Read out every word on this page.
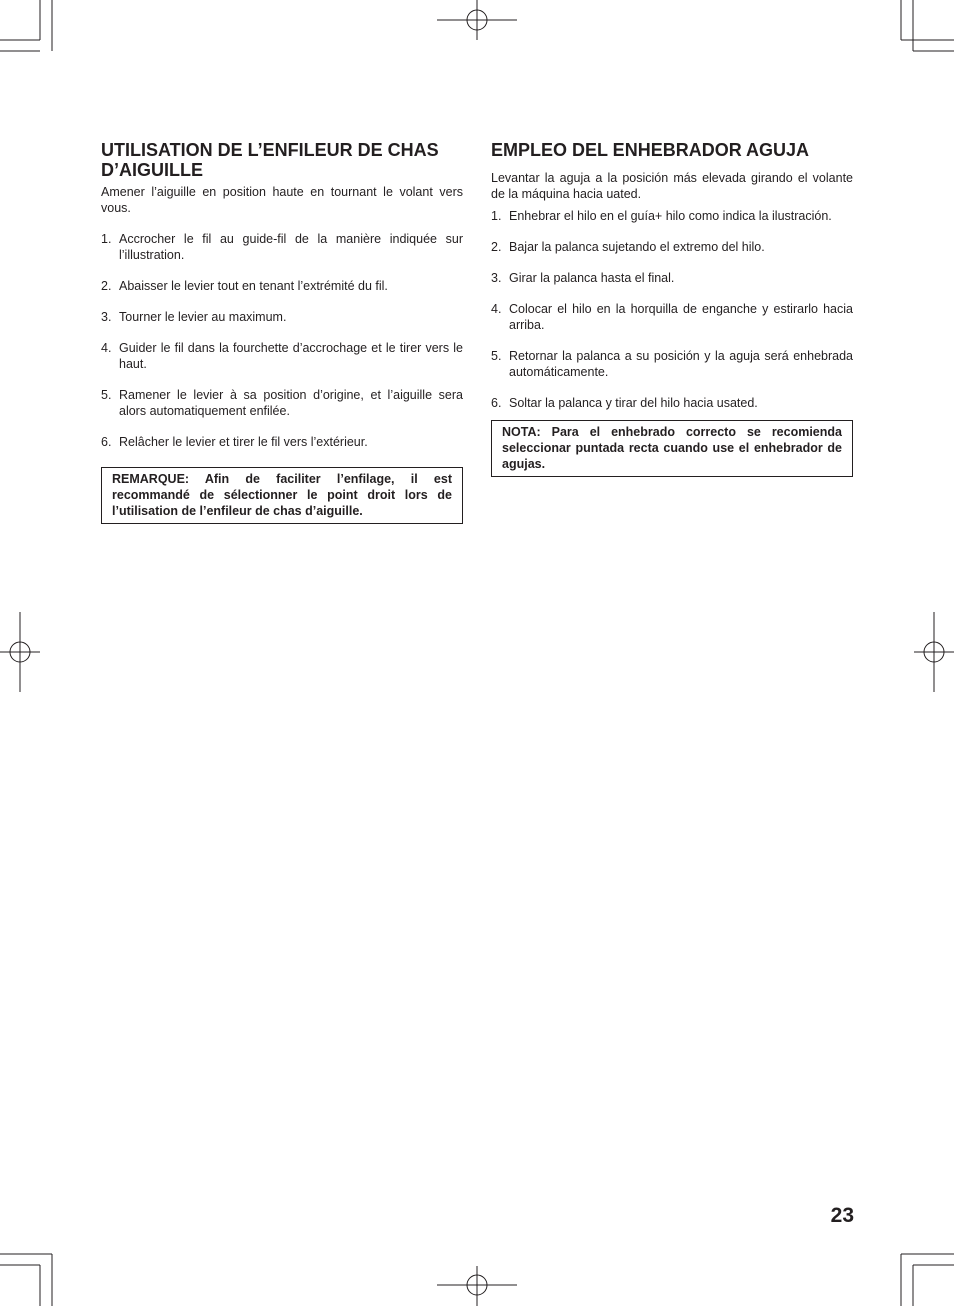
UTILISATION DE L’ENFILEUR DE CHAS
D’AIGUILLE

Amener l’aiguille en position haute en tournant le volant vers vous.

1. Accrocher le fil au guide-fil de la manière indiquée sur l’illustration.
2. Abaisser le levier tout en tenant l’extrémité du fil.
3. Tourner le levier au maximum.
4. Guider le fil dans la fourchette d’accrochage et le tirer vers le haut.
5. Ramener le levier à sa position d’origine, et l’aiguille sera alors automatiquement enfilée.
6. Relâcher le levier et tirer le fil vers l’extérieur.
REMARQUE: Afin de faciliter l’enfilage, il est recommandé de sélectionner le point droit lors de l’utilisation de l’enfileur de chas d’aiguille.
EMPLEO DEL ENHEBRADOR AGUJA

Levantar la aguja a la posición más elevada girando el volante de la máquina hacia uated.

1. Enhebrar el hilo en el guía+ hilo como indica la ilustración.
2. Bajar la palanca sujetando el extremo del hilo.
3. Girar la palanca hasta el final.
4. Colocar el hilo en la horquilla de enganche y estirarlo hacia arriba.
5. Retornar la palanca a su posición y la aguja será enhebrada automáticamente.
6. Soltar la palanca y tirar del hilo hacia usated.
NOTA: Para el enhebrado correcto se recomienda seleccionar puntada recta cuando use el enhebrador de agujas.
23
